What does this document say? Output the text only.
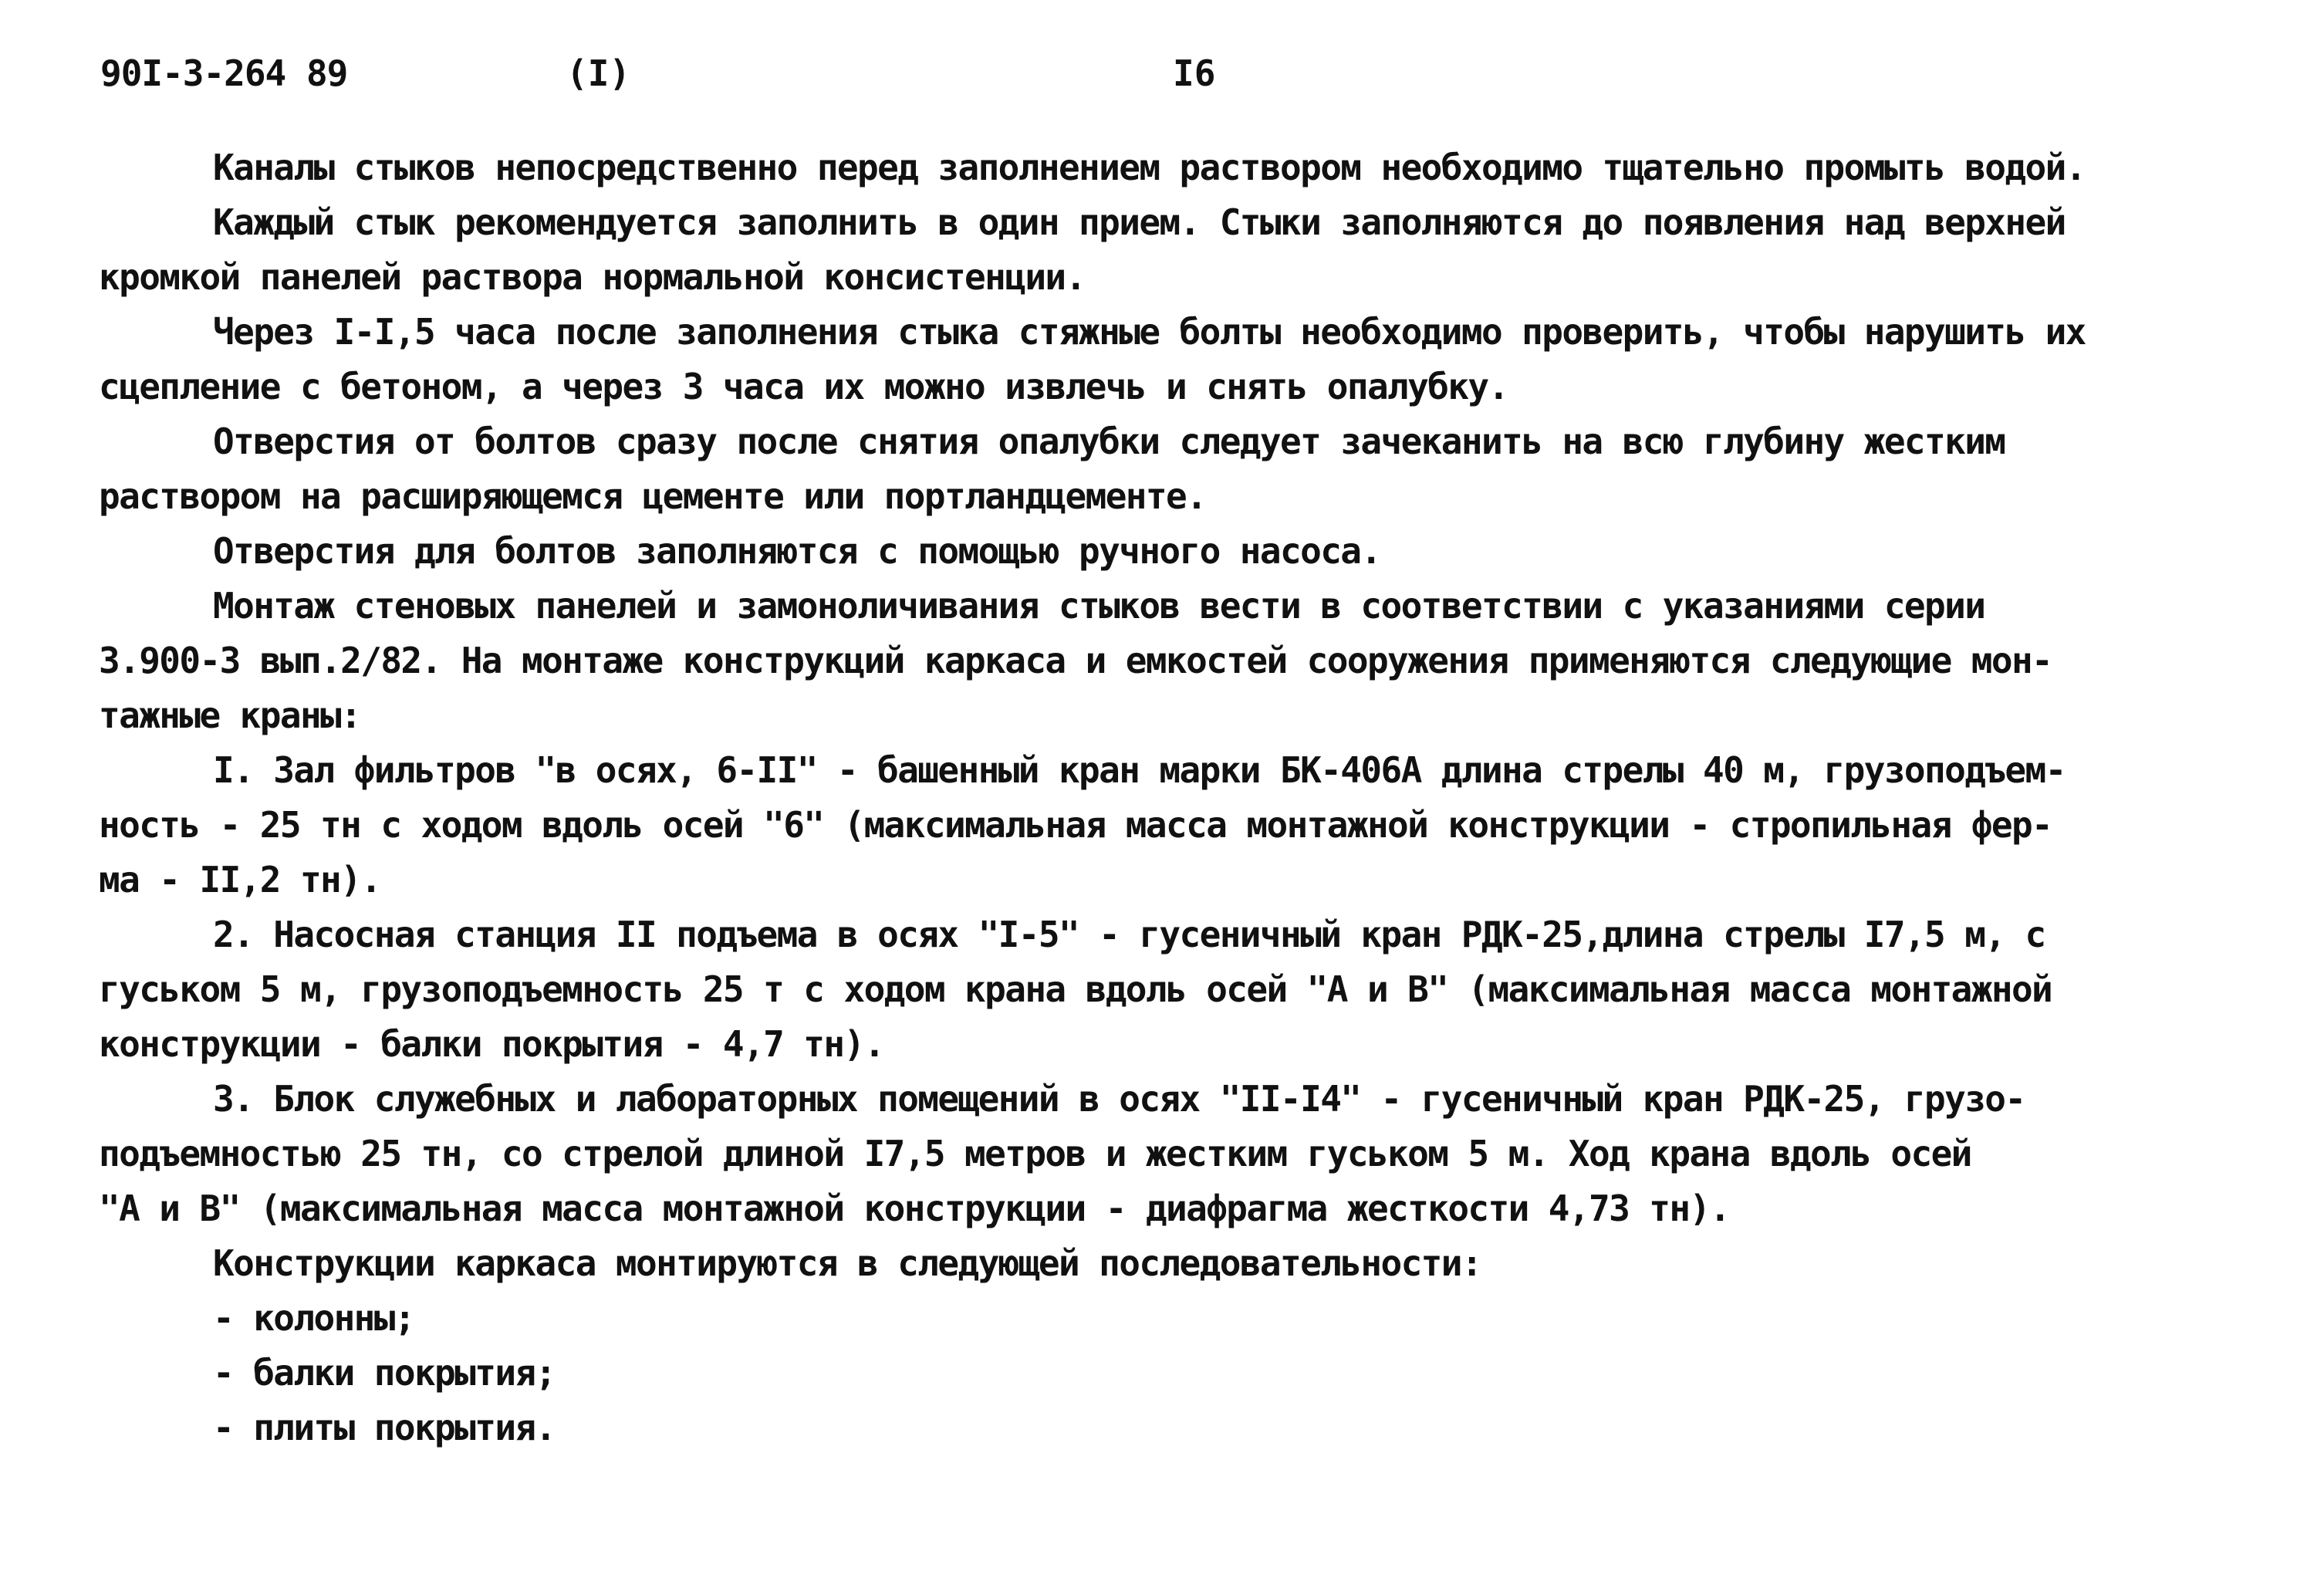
90I-3-264 89	(I)	I6
Каналы стыков непосредственно перед заполнением раствором необходимо тщательно промыть водой.
Каждый стык рекомендуется заполнить в один прием. Стыки заполняются до появления над верхней
кромкой панелей раствора нормальной консистенции.
Через I-I,5 часа после заполнения стыка стяжные болты необходимо проверить, чтобы нарушить их
сцепление с бетоном, а через 3 часа их можно извлечь и снять опалубку.
Отверстия от болтов сразу после снятия опалубки следует зачеканить на всю глубину жестким
раствором на расширяющемся цементе или портландцементе.
Отверстия для болтов заполняются с помощью ручного насоса.
Монтаж стеновых панелей и замоноличивания стыков вести в соответствии с указаниями серии
3.900-3 вып.2/82. На монтаже конструкций каркаса и емкостей сооружения применяются следующие мон-
тажные краны:
I. Зал фильтров "в осях, 6-II" - башенный кран марки БК-406А длина стрелы 40 м, грузоподъем-
ность - 25 тн с ходом вдоль осей "6" (максимальная масса монтажной конструкции - стропильная фер-
ма - II,2 тн).
2. Насосная станция II подъема в осях "I-5" - гусеничный кран РДК-25,длина стрелы I7,5 м, с
гуськом 5 м, грузоподъемность 25 т с ходом крана вдоль осей "А и В" (максимальная масса монтажной
конструкции - балки покрытия - 4,7 тн).
3. Блок служебных и лабораторных помещений в осях "II-I4" - гусеничный кран РДК-25, грузо-
подъемностью 25 тн, со стрелой длиной I7,5 метров и жестким гуськом 5 м. Ход крана вдоль осей
"А и В" (максимальная масса монтажной конструкции - диафрагма жесткости 4,73 тн).
Конструкции каркаса монтируются в следующей последовательности:
- колонны;
- балки покрытия;
- плиты покрытия.
